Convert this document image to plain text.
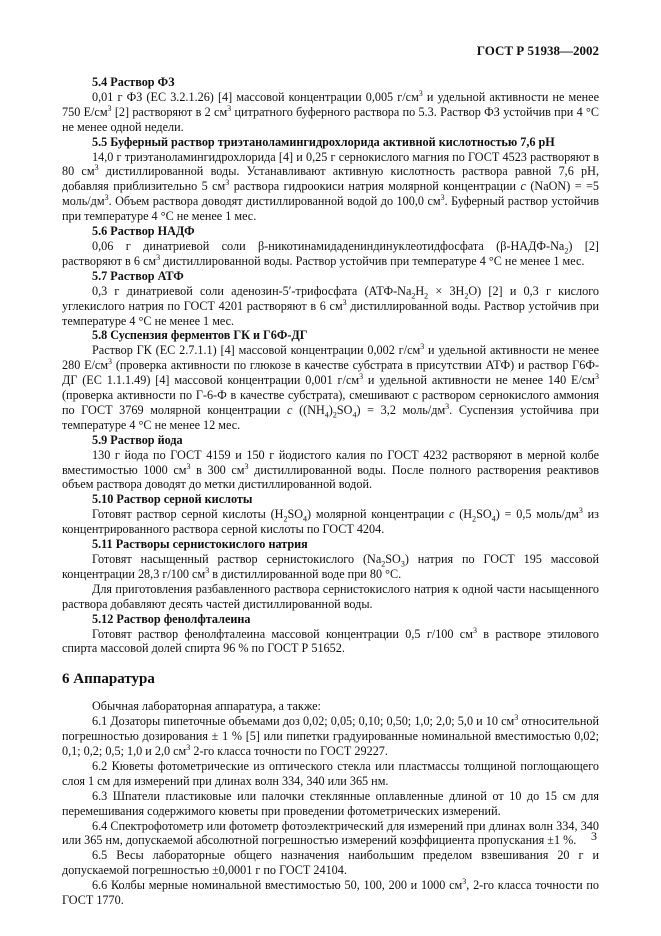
ГОСТ Р 51938—2002

5.4 Раствор ФЗ

0,01 г ФЗ (ЕС 3.2.1.26) [4] массовой концентрации 0,005 $г/см^3$ и удельной активности не менее 750 $Е/см^3$ [2] растворяют в 2 $см^3$ цитратного буферного раствора по 5.3. Раствор ФЗ устойчив при 4 °С не менее одной недели.

5.5 Буферный раствор триэтаноламингидрохлорида активной кислотностью 7,6 рН

14,0 г триэтаноламингидрохлорида [4] и 0,25 г сернокислого магния по ГОСТ 4523 растворяют в 80 $см^3$ дистиллированной воды. Устанавливают активную кислотность раствора равной 7,6 рН, добавляя приблизительно 5 $см^3$ раствора гидроокиси натрия молярной концентрации с (NaОN) = =5 моль/$дм^3$. Объем раствора доводят дистиллированной водой до 100,0 $см^3$. Буферный раствор устойчив при температуре 4 °С не менее 1 мес.

5.6 Раствор НАДФ

0,06 г динатриевой соли β-никотинамидадениндинуклеотидфосфата $(\beta-НАДФ-Na_2)$ [2] растворяют в 6 $см^3$ дистиллированной воды. Раствор устойчив при температуре 4 °С не менее 1 мес.

5.7 Раствор АТФ

0,3 г динатриевой соли аденозин-5′-трифосфата $(АТФ-Na_2H_2 \times 3H_2O)$ [2] и 0,3 г кислого углекислого натрия по ГОСТ 4201 растворяют в 6 $см^3$ дистиллированной воды. Раствор устойчив при температуре 4 °С не менее 1 мес.

5.8 Суспензия ферментов ГК и Г6Ф-ДГ

Раствор ГК (ЕС 2.7.1.1) [4] массовой концентрации 0,002 $г/см^3$ и удельной активности не менее 280 $Е/см^3$ (проверка активности по глюкозе в качестве субстрата в присутствии АТФ) и раствор Г6Ф-ДГ (ЕС 1.1.1.49) [4] массовой концентрации 0,001 $г/см^3$ и удельной активности не менее 140 $Е/см^3$ (проверка активности по Г-6-Ф в качестве субстрата), смешивают с раствором сернокислого аммония по ГОСТ 3769 молярной концентрации с $((NH_4)_2SO_4) = 3,2$ моль/$дм^3$. Суспензия устойчива при температуре 4 °С не менее 12 мес.

5.9 Раствор йода

130 г йода по ГОСТ 4159 и 150 г йодистого калия по ГОСТ 4232 растворяют в мерной колбе вместимостью 1000 $см^3$ в 300 $см^3$ дистиллированной воды. После полного растворения реактивов объем раствора доводят до метки дистиллированной водой.

5.10 Раствор серной кислоты

Готовят раствор серной кислоты $(H_2SO_4)$ молярной концентрации с $(H_2SO_4) = 0,5$ моль/$дм^3$ из концентрированного раствора серной кислоты по ГОСТ 4204.

5.11 Растворы сернистокислого натрия

Готовят насыщенный раствор сернистокислого $(Na_2SO_3)$ натрия по ГОСТ 195 массовой концентрации 28,3 г/100 $см^3$ в дистиллированной воде при 80 °С.

Для приготовления разбавленного раствора сернистокислого натрия к одной части насыщенного раствора добавляют десять частей дистиллированной воды.

5.12 Раствор фенолфталеина

Готовят раствор фенолфталеина массовой концентрации 0,5 г/100 $см^3$ в растворе этилового спирта массовой долей спирта 96 % по ГОСТ Р 51652.

6 Аппаратура

Обычная лабораторная аппаратура, а также:

6.1 Дозаторы пипеточные объемами доз 0,02; 0,05; 0,10; 0,50; 1,0; 2,0; 5,0 и 10 $см^3$ относительной погрешностью дозирования ± 1 % [5] или пипетки градуированные номинальной вместимостью 0,02; 0,1; 0,2; 0,5; 1,0 и 2,0 $см^3$ 2-го класса точности по ГОСТ 29227.

6.2 Кюветы фотометрические из оптического стекла или пластмассы толщиной поглощающего слоя 1 см для измерений при длинах волн 334, 340 или 365 нм.

6.3 Шпатели пластиковые или палочки стеклянные оплавленные длиной от 10 до 15 см для перемешивания содержимого кюветы при проведении фотометрических измерений.

6.4 Спектрофотометр или фотометр фотоэлектрический для измерений при длинах волн 334, 340 или 365 нм, допускаемой абсолютной погрешностью измерений коэффициента пропускания ±1 %.

6.5 Весы лабораторные общего назначения наибольшим пределом взвешивания 20 г и допускаемой погрешностью ±0,0001 г по ГОСТ 24104.

6.6 Колбы мерные номинальной вместимостью 50, 100, 200 и 1000 $см^3$, 2-го класса точности по ГОСТ 1770.

3
